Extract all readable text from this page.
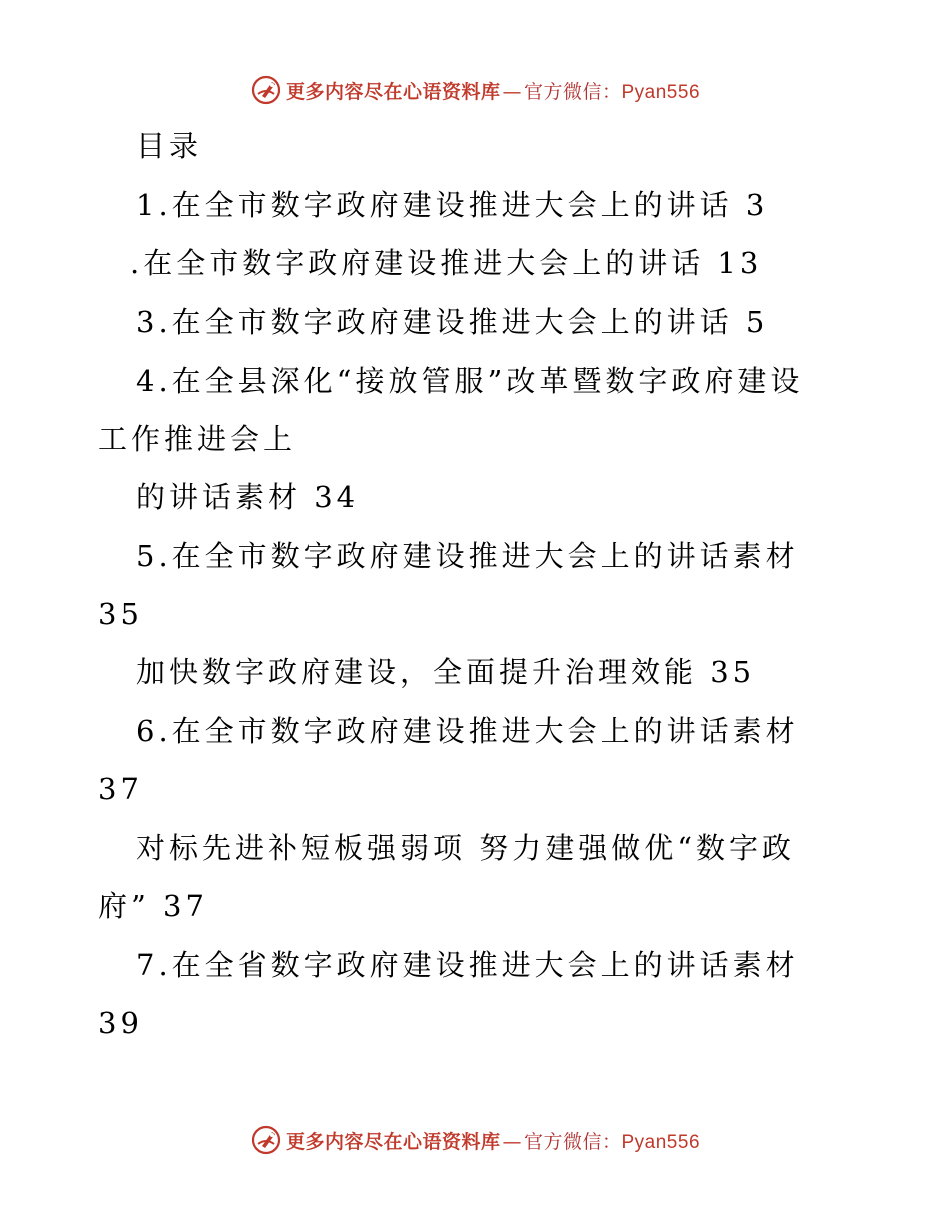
更多内容尽在心语资料库 — 官方微信：Pyan556
目录
1.在全市数字政府建设推进大会上的讲话 3
.在全市数字政府建设推进大会上的讲话 13
3.在全市数字政府建设推进大会上的讲话 5
4.在全县深化“接放管服”改革暨数字政府建设
工作推进会上
的讲话素材 34
5.在全市数字政府建设推进大会上的讲话素材
35
加快数字政府建设，全面提升治理效能 35
6.在全市数字政府建设推进大会上的讲话素材
37
对标先进补短板强弱项 努力建强做优“数字政
府” 37
7.在全省数字政府建设推进大会上的讲话素材
39
更多内容尽在心语资料库 — 官方微信：Pyan556
